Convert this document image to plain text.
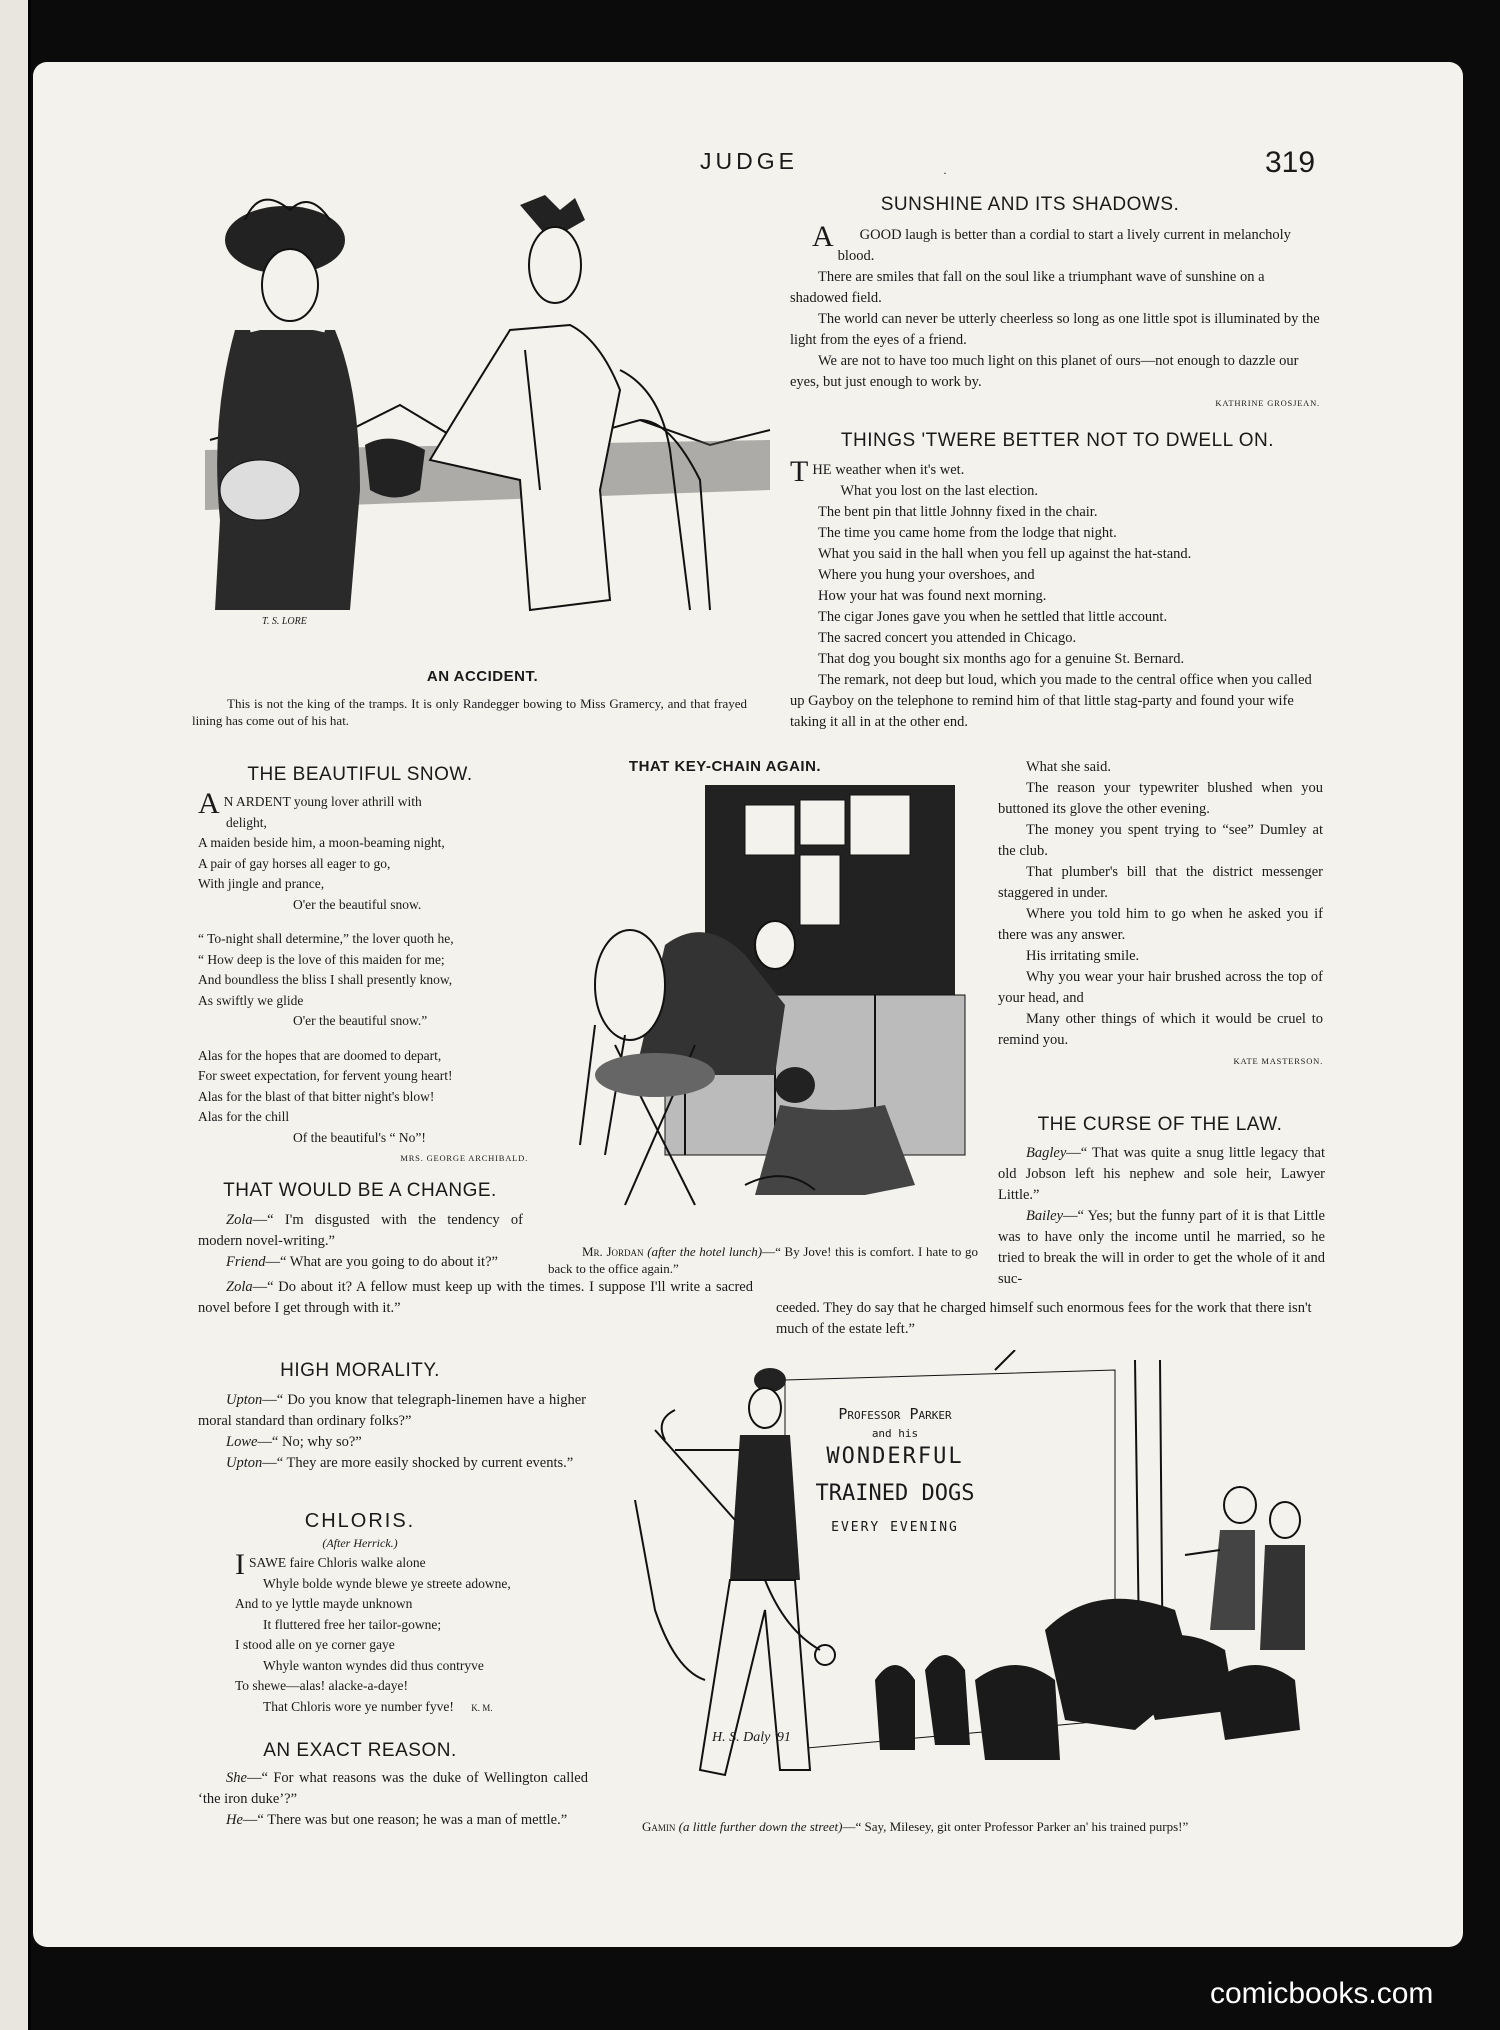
JUDGE	·	319
T. S. LORE
AN ACCIDENT.
This is not the king of the tramps. It is only Randegger bowing to Miss Gramercy, and that frayed lining has come out of his hat.
SUNSHINE AND ITS SHADOWS.

A GOOD laugh is better than a cordial to start a lively current in melancholy blood.

There are smiles that fall on the soul like a triumphant wave of sunshine on a shadowed field.

The world can never be utterly cheerless so long as one little spot is illuminated by the light from the eyes of a friend.

We are not to have too much light on this planet of ours—not enough to dazzle our eyes, but just enough to work by.

KATHRINE GROSJEAN.

THINGS 'TWERE BETTER NOT TO DWELL ON.

THE weather when it's wet.

What you lost on the last election.

The bent pin that little Johnny fixed in the chair.

The time you came home from the lodge that night.

What you said in the hall when you fell up against the hat-stand.

Where you hung your overshoes, and

How your hat was found next morning.

The cigar Jones gave you when he settled that little account.

The sacred concert you attended in Chicago.

That dog you bought six months ago for a genuine St. Bernard.

The remark, not deep but loud, which you made to the central office when you called up Gayboy on the telephone to remind him of that little stag-party and found your wife taking it all in at the other end.

What she said.

The reason your typewriter blushed when you buttoned its glove the other evening.

The money you spent trying to “see” Dumley at the club.

That plumber's bill that the district messenger staggered in under.

Where you told him to go when he asked you if there was any answer.

His irritating smile.

Why you wear your hair brushed across the top of your head, and

Many other things of which it would be cruel to remind you.

KATE MASTERSON.

THE BEAUTIFUL SNOW.

A N ARDENT young lover athrill with

delight,

A maiden beside him, a moon-beaming night,

A pair of gay horses all eager to go,

With jingle and prance,

O'er the beautiful snow.

“ To-night shall determine,” the lover quoth he,

“ How deep is the love of this maiden for me;

And boundless the bliss I shall presently know,

As swiftly we glide

O'er the beautiful snow.”

Alas for the hopes that are doomed to depart,

For sweet expectation, for fervent young heart!

Alas for the blast of that bitter night's blow!

Alas for the chill

Of the beautiful's “ No”!

MRS. GEORGE ARCHIBALD.

THAT KEY-CHAIN AGAIN.
Mr. Jordan (after the hotel lunch)—“ By Jove! this is comfort. I hate to go back to the office again.”
THAT WOULD BE A CHANGE.

Zola—“ I'm disgusted with the tendency of modern novel-writing.”

Friend—“ What are you going to do about it?”

Zola—“ Do about it? A fellow must keep up with the times. I suppose I'll write a sacred novel before I get through with it.”

THE CURSE OF THE LAW.

Bagley—“ That was quite a snug little legacy that old Jobson left his nephew and sole heir, Lawyer Little.”

Bailey—“ Yes; but the funny part of it is that Little was to have only the income until he married, so he tried to break the will in order to get the whole of it and suc-

ceeded. They do say that he charged himself such enormous fees for the work that there isn't much of the estate left.”
HIGH MORALITY.

Upton—“ Do you know that telegraph-linemen have a higher moral standard than ordinary folks?”

Lowe—“ No; why so?”

Upton—“ They are more easily shocked by current events.”

CHLORIS.
(After Herrick.)

ISAWE faire Chloris walke alone

Whyle bolde wynde blewe ye streete adowne,

And to ye lyttle mayde unknown

It fluttered free her tailor-gowne;

I stood alle on ye corner gaye

Whyle wanton wyndes did thus contryve

To shewe—alas! alacke-a-daye!

That Chloris wore ye number fyve! K. M.

AN EXACT REASON.

She—“ For what reasons was the duke of Wellington called ‘the iron duke’?”

He—“ There was but one reason; he was a man of mettle.”

Professor Parker
and his
WONDERFUL
TRAINED DOGS
EVERY EVENING
H. S. Daly '91
Gamin (a little further down the street)—“ Say, Milesey, git onter Professor Parker an' his trained purps!”
comicbooks.com
